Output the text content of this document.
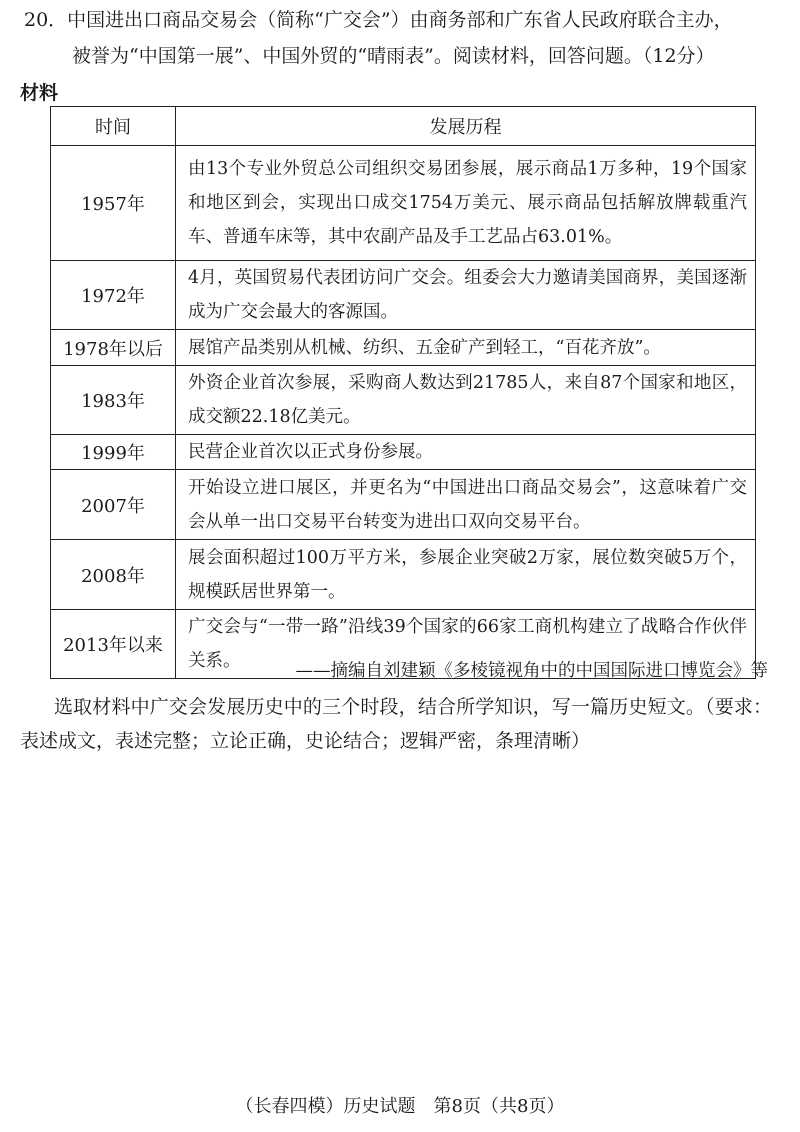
20．中国进出口商品交易会（简称“广交会”）由商务部和广东省人民政府联合主办，
被誉为“中国第一展”、中国外贸的“晴雨表”。阅读材料，回答问题。（12分）
材料
时间	发展历程
1957年	由13个专业外贸总公司组织交易团参展，展示商品1万多种，19个国家和地区到会，实现出口成交1754万美元、展示商品包括解放牌载重汽车、普通车床等，其中农副产品及手工艺品占63.01%。
1972年	4月，英国贸易代表团访问广交会。组委会大力邀请美国商界，美国逐渐成为广交会最大的客源国。
1978年以后	展馆产品类别从机械、纺织、五金矿产到轻工，“百花齐放”。
1983年	外资企业首次参展，采购商人数达到21785人，来自87个国家和地区，成交额22.18亿美元。
1999年	民营企业首次以正式身份参展。
2007年	开始设立进口展区，并更名为“中国进出口商品交易会”，这意味着广交会从单一出口交易平台转变为进出口双向交易平台。
2008年	展会面积超过100万平方米，参展企业突破2万家，展位数突破5万个，规模跃居世界第一。
2013年以来	广交会与“一带一路”沿线39个国家的66家工商机构建立了战略合作伙伴关系。	——摘编自刘建颖《多棱镜视角中的中国国际进口博览会》等
选取材料中广交会发展历史中的三个时段，结合所学知识，写一篇历史短文。（要求：表述成文，表述完整；立论正确，史论结合；逻辑严密，条理清晰）
（长春四模）历史试题　第8页（共8页）
